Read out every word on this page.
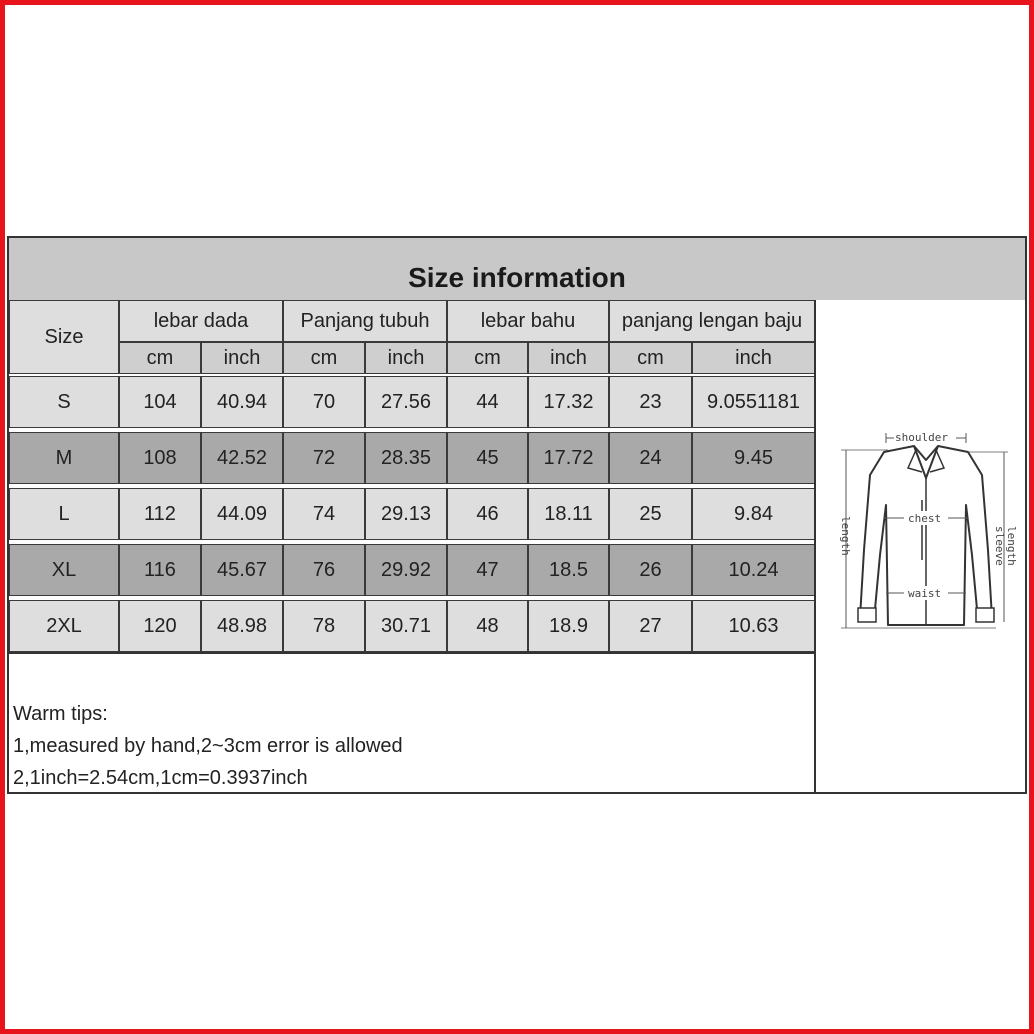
Size information
Size
lebar dada	Panjang tubuh	lebar bahu	panjang lengan baju
cm	inch	cm	inch	cm	inch	cm	inch
S	104	40.94	70	27.56	44	17.32	23	9.0551181
M	108	42.52	72	28.35	45	17.72	24	9.45
L	112	44.09	74	29.13	46	18.11	25	9.84
XL	116	45.67	76	29.92	47	18.5	26	10.24
2XL	120	48.98	78	30.71	48	18.9	27	10.63
Warm tips:
1,measured by hand,2~3cm error is allowed
2,1inch=2.54cm,1cm=0.3937inch
shoulder
chest
waist
length	sleeve length
